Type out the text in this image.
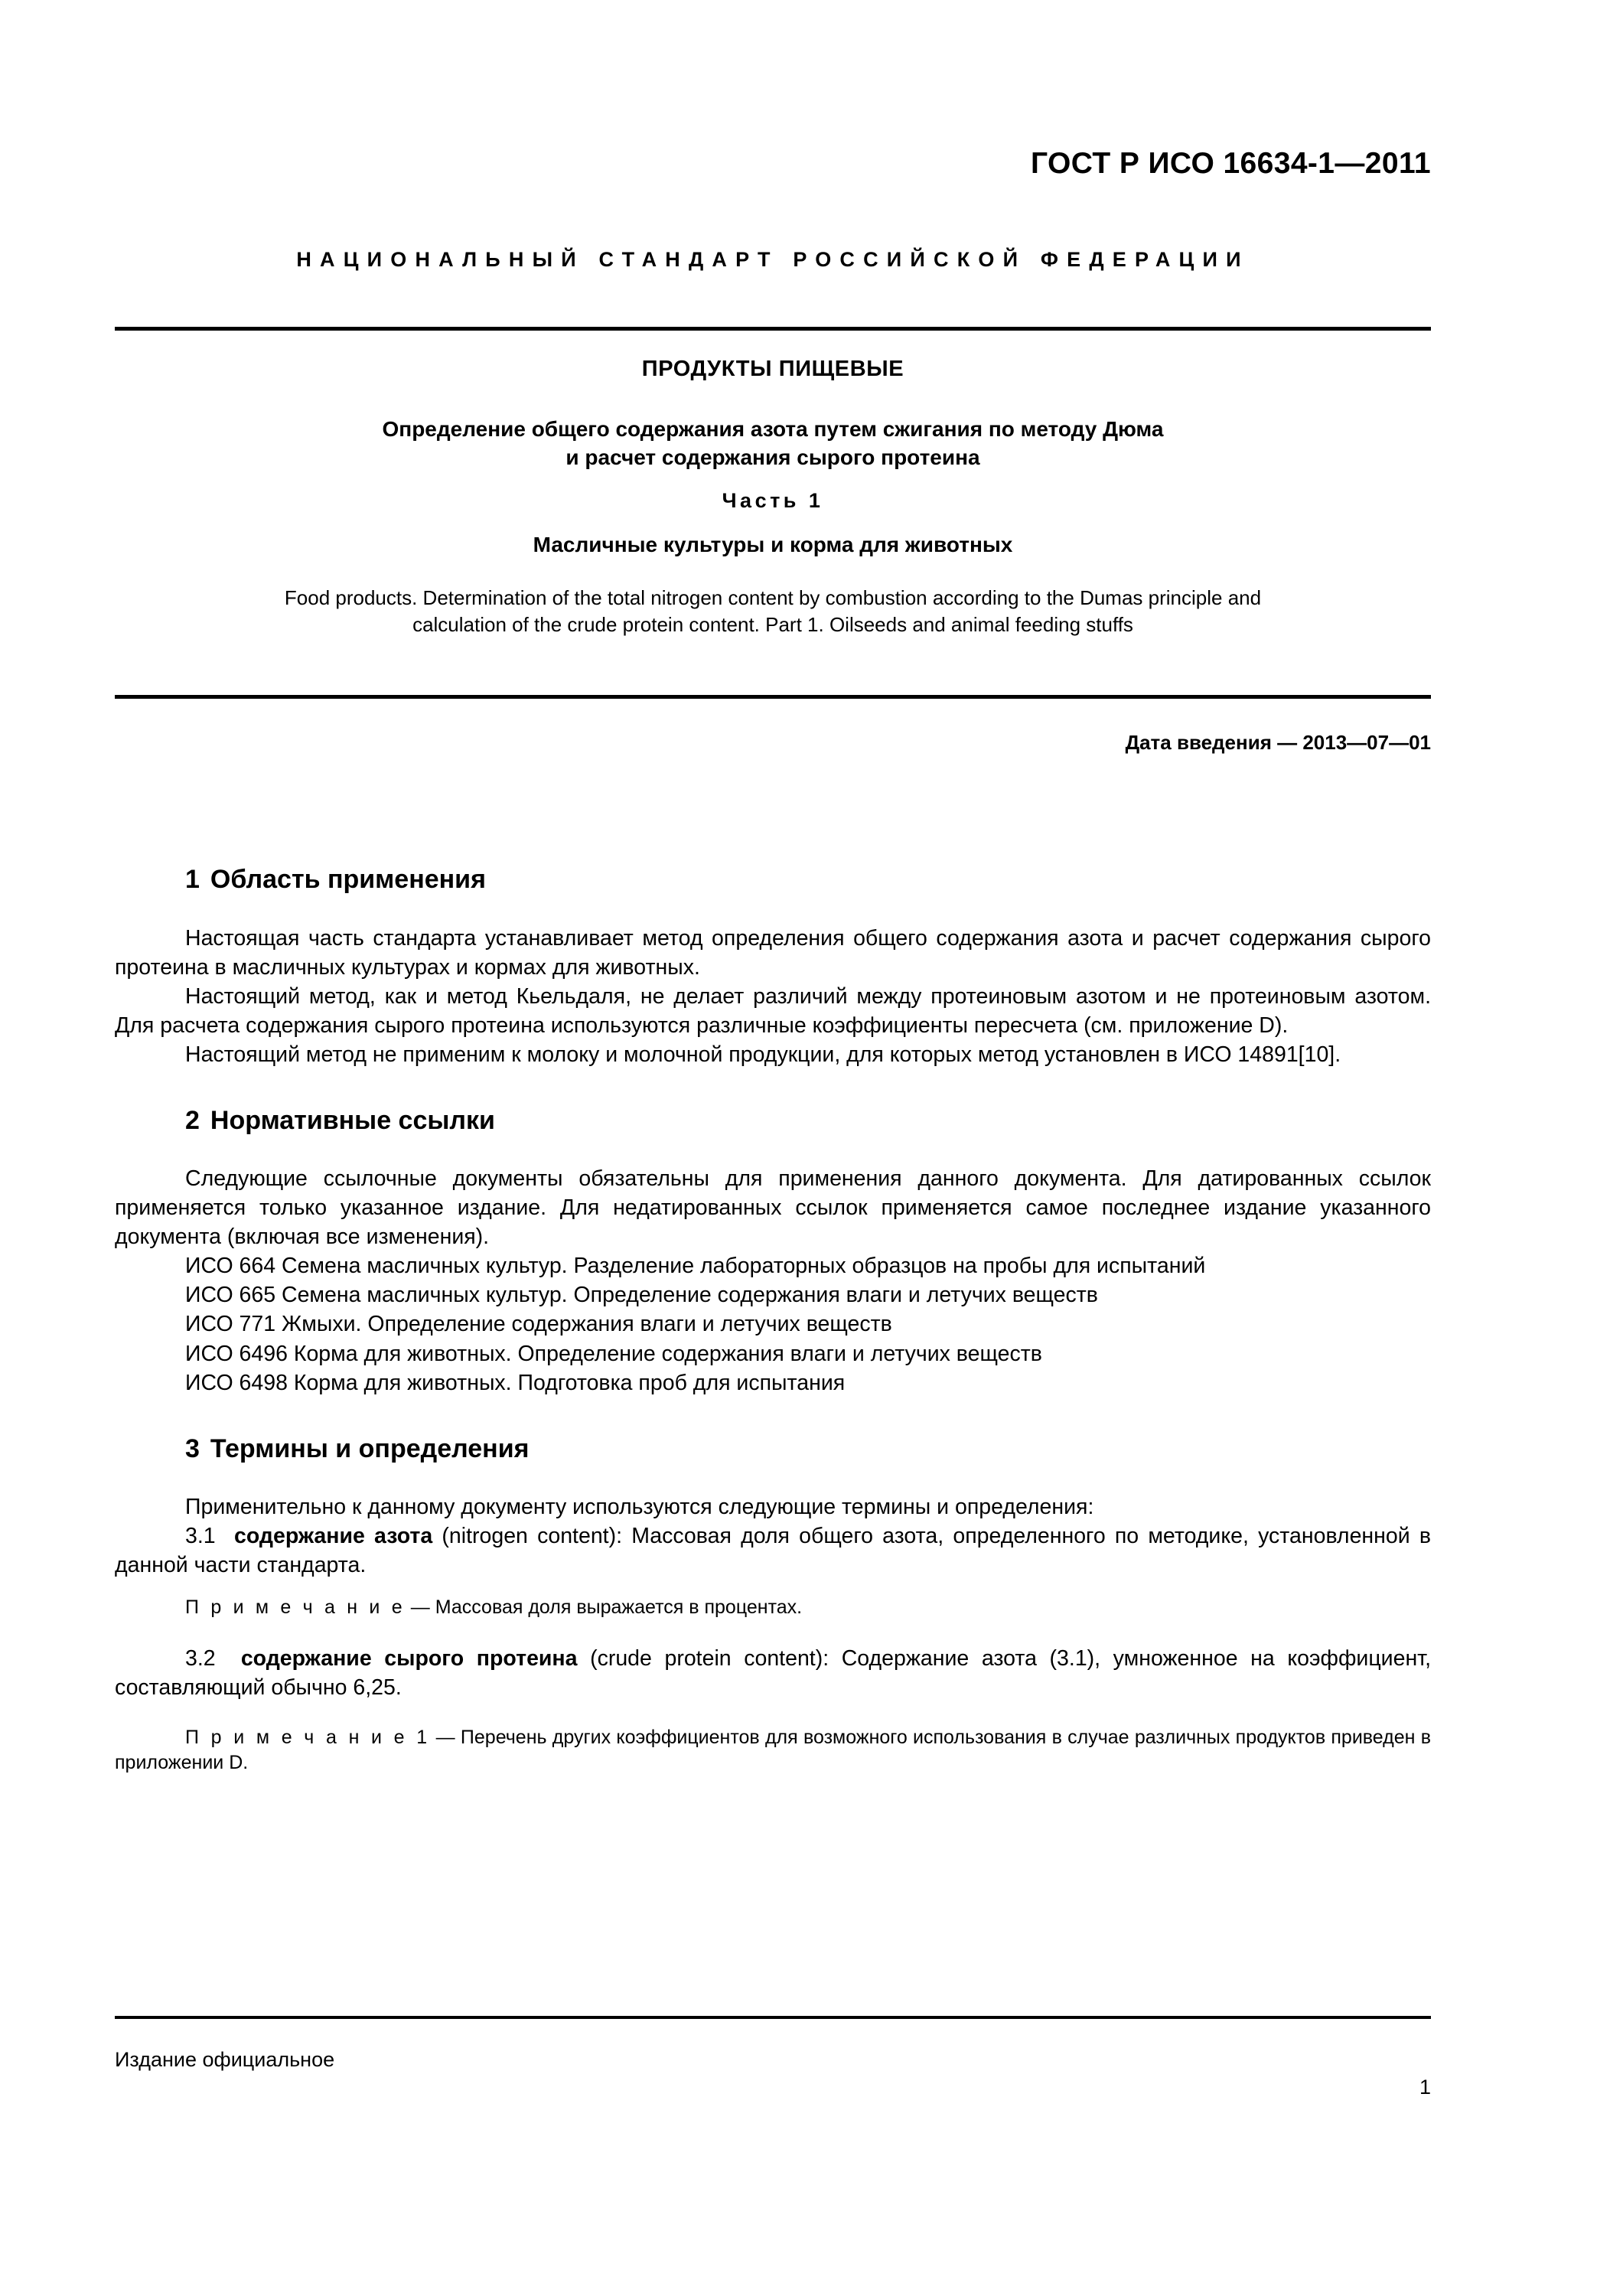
ГОСТ Р ИСО 16634-1—2011
НАЦИОНАЛЬНЫЙ СТАНДАРТ РОССИЙСКОЙ ФЕДЕРАЦИИ

ПРОДУКТЫ ПИЩЕВЫЕ

Определение общего содержания азота путем сжигания по методу Дюма
и расчет содержания сырого протеина

Часть 1

Масличные культуры и корма для животных

Food products. Determination of the total nitrogen content by combustion according to the Dumas principle and
calculation of the crude protein content. Part 1. Oilseeds and animal feeding stuffs

Дата введения — 2013—07—01
1 Область применения

Настоящая часть стандарта устанавливает метод определения общего содержания азота и расчет содержания сырого протеина в масличных культурах и кормах для животных.

Настоящий метод, как и метод Кьельдаля, не делает различий между протеиновым азотом и не протеиновым азотом. Для расчета содержания сырого протеина используются различные коэффициенты пересчета (см. приложение D).

Настоящий метод не применим к молоку и молочной продукции, для которых метод установлен в ИСО 14891[10].

2 Нормативные ссылки

Следующие ссылочные документы обязательны для применения данного документа. Для датированных ссылок применяется только указанное издание. Для недатированных ссылок применяется самое последнее издание указанного документа (включая все изменения).

ИСО 664 Семена масличных культур. Разделение лабораторных образцов на пробы для испытаний

ИСО 665 Семена масличных культур. Определение содержания влаги и летучих веществ

ИСО 771 Жмыхи. Определение содержания влаги и летучих веществ

ИСО 6496 Корма для животных. Определение содержания влаги и летучих веществ

ИСО 6498 Корма для животных. Подготовка проб для испытания

3 Термины и определения

Применительно к данному документу используются следующие термины и определения:

3.1 содержание азота (nitrogen content): Массовая доля общего азота, определенного по методике, установленной в данной части стандарта.

П р и м е ч а н и е — Массовая доля выражается в процентах.

3.2 содержание сырого протеина (crude protein content): Содержание азота (3.1), умноженное на коэффициент, составляющий обычно 6,25.

П р и м е ч а н и е 1 — Перечень других коэффициентов для возможного использования в случае различных продуктов приведен в приложении D.

Издание официальное
1
